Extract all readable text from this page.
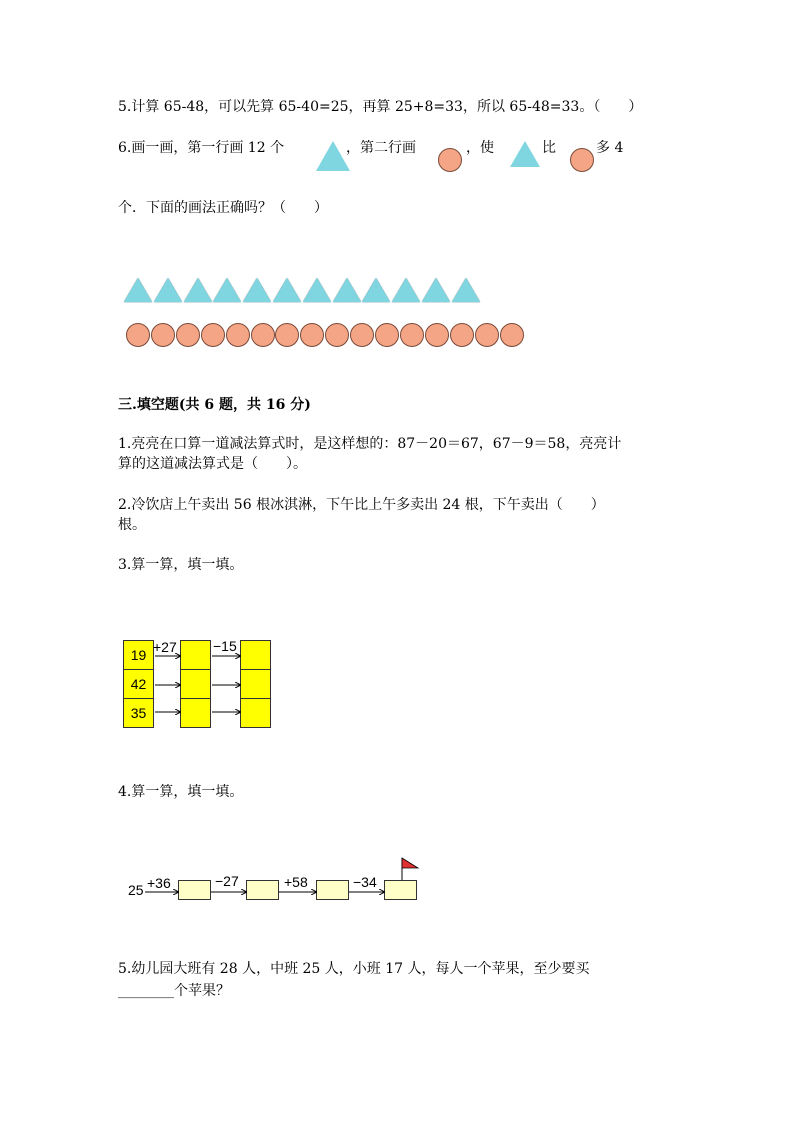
5.计算 65-48，可以先算 65-40=25，再算 25+8=33，所以 65-48=33。（　　）
6.画一画，第一行画 12 个	，第二行画	，使	比	多 4
个．下面的画法正确吗？（　　）
三.填空题(共 6 题，共 16 分)
1.亮亮在口算一道减法算式时，是这样想的：87－20＝67，67－9＝58，亮亮计
算的这道减法算式是（　　）。
2.冷饮店上午卖出 56 根冰淇淋，下午比上午多卖出 24 根，下午卖出（　　）
根。
3.算一算，填一填。
19
42
35
+27	−15
4.算一算，填一填。
25 +36	−27	+58	−34
5.幼儿园大班有 28 人，中班 25 人，小班 17 人，每人一个苹果，至少要买
________个苹果？
